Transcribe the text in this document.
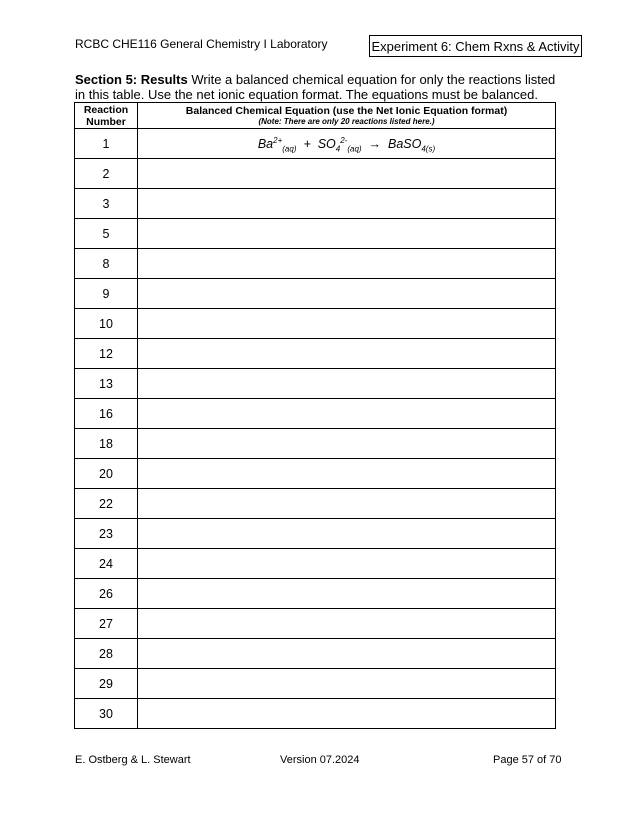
RCBC CHE116 General Chemistry I Laboratory	Experiment 6: Chem Rxns & Activity
Section 5: Results Write a balanced chemical equation for only the reactions listed in this table. Use the net ionic equation format. The equations must be balanced.
Reaction
Number	Balanced Chemical Equation (use the Net Ionic Equation format)
(Note: There are only 20 reactions listed here.)

1	$Ba^{2+}_{(aq)} + SO_4^{2-}_{(aq)}$ → BaSO$_{4(s)}$
2	
3	
5	
8	
9	
10	
12	
13	
16	
18	
20	
22	
23	
24	
26	
27	
28	
29	
30	
E. Ostberg & L. Stewart	Version 07.2024	Page 57 of 70
